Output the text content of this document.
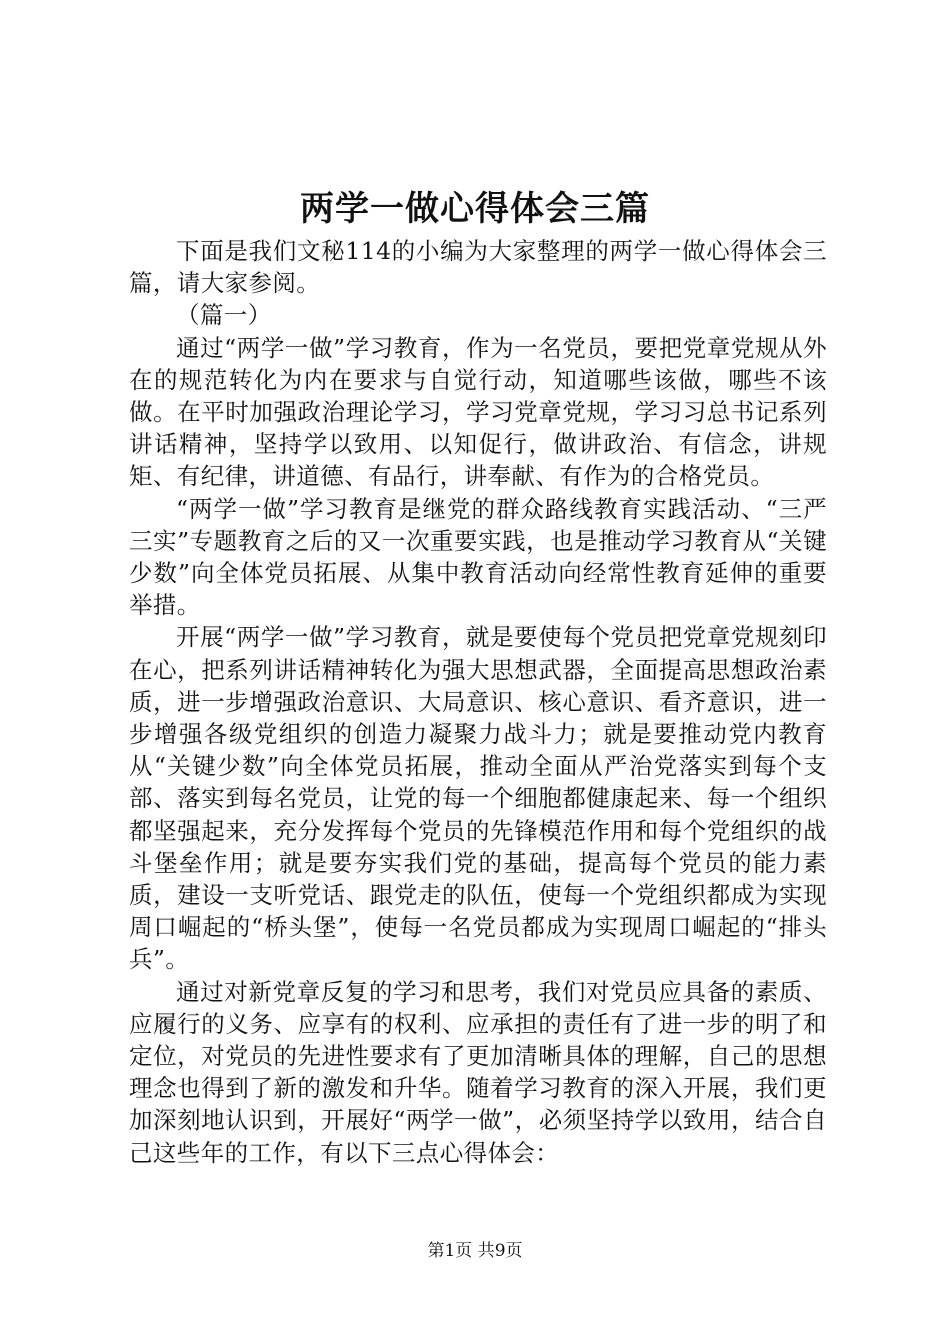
两学一做心得体会三篇

下面是我们文秘114的小编为大家整理的两学一做心得体会三篇，请大家参阅。

（篇一）

通过“两学一做”学习教育，作为一名党员，要把党章党规从外在的规范转化为内在要求与自觉行动，知道哪些该做，哪些不该做。在平时加强政治理论学习，学习党章党规，学习习总书记系列讲话精神，坚持学以致用、以知促行，做讲政治、有信念，讲规矩、有纪律，讲道德、有品行，讲奉献、有作为的合格党员。

“两学一做”学习教育是继党的群众路线教育实践活动、“三严三实”专题教育之后的又一次重要实践，也是推动学习教育从“关键少数”向全体党员拓展、从集中教育活动向经常性教育延伸的重要举措。

开展“两学一做”学习教育，就是要使每个党员把党章党规刻印在心，把系列讲话精神转化为强大思想武器，全面提高思想政治素质，进一步增强政治意识、大局意识、核心意识、看齐意识，进一步增强各级党组织的创造力凝聚力战斗力；就是要推动党内教育从“关键少数”向全体党员拓展，推动全面从严治党落实到每个支部、落实到每名党员，让党的每一个细胞都健康起来、每一个组织都坚强起来，充分发挥每个党员的先锋模范作用和每个党组织的战斗堡垒作用；就是要夯实我们党的基础，提高每个党员的能力素质，建设一支听党话、跟党走的队伍，使每一个党组织都成为实现周口崛起的“桥头堡”，使每一名党员都成为实现周口崛起的“排头兵”。

通过对新党章反复的学习和思考，我们对党员应具备的素质、应履行的义务、应享有的权利、应承担的责任有了进一步的明了和定位，对党员的先进性要求有了更加清晰具体的理解，自己的思想理念也得到了新的激发和升华。随着学习教育的深入开展，我们更加深刻地认识到，开展好“两学一做”，必须坚持学以致用，结合自己这些年的工作，有以下三点心得体会：

第1页 共9页
